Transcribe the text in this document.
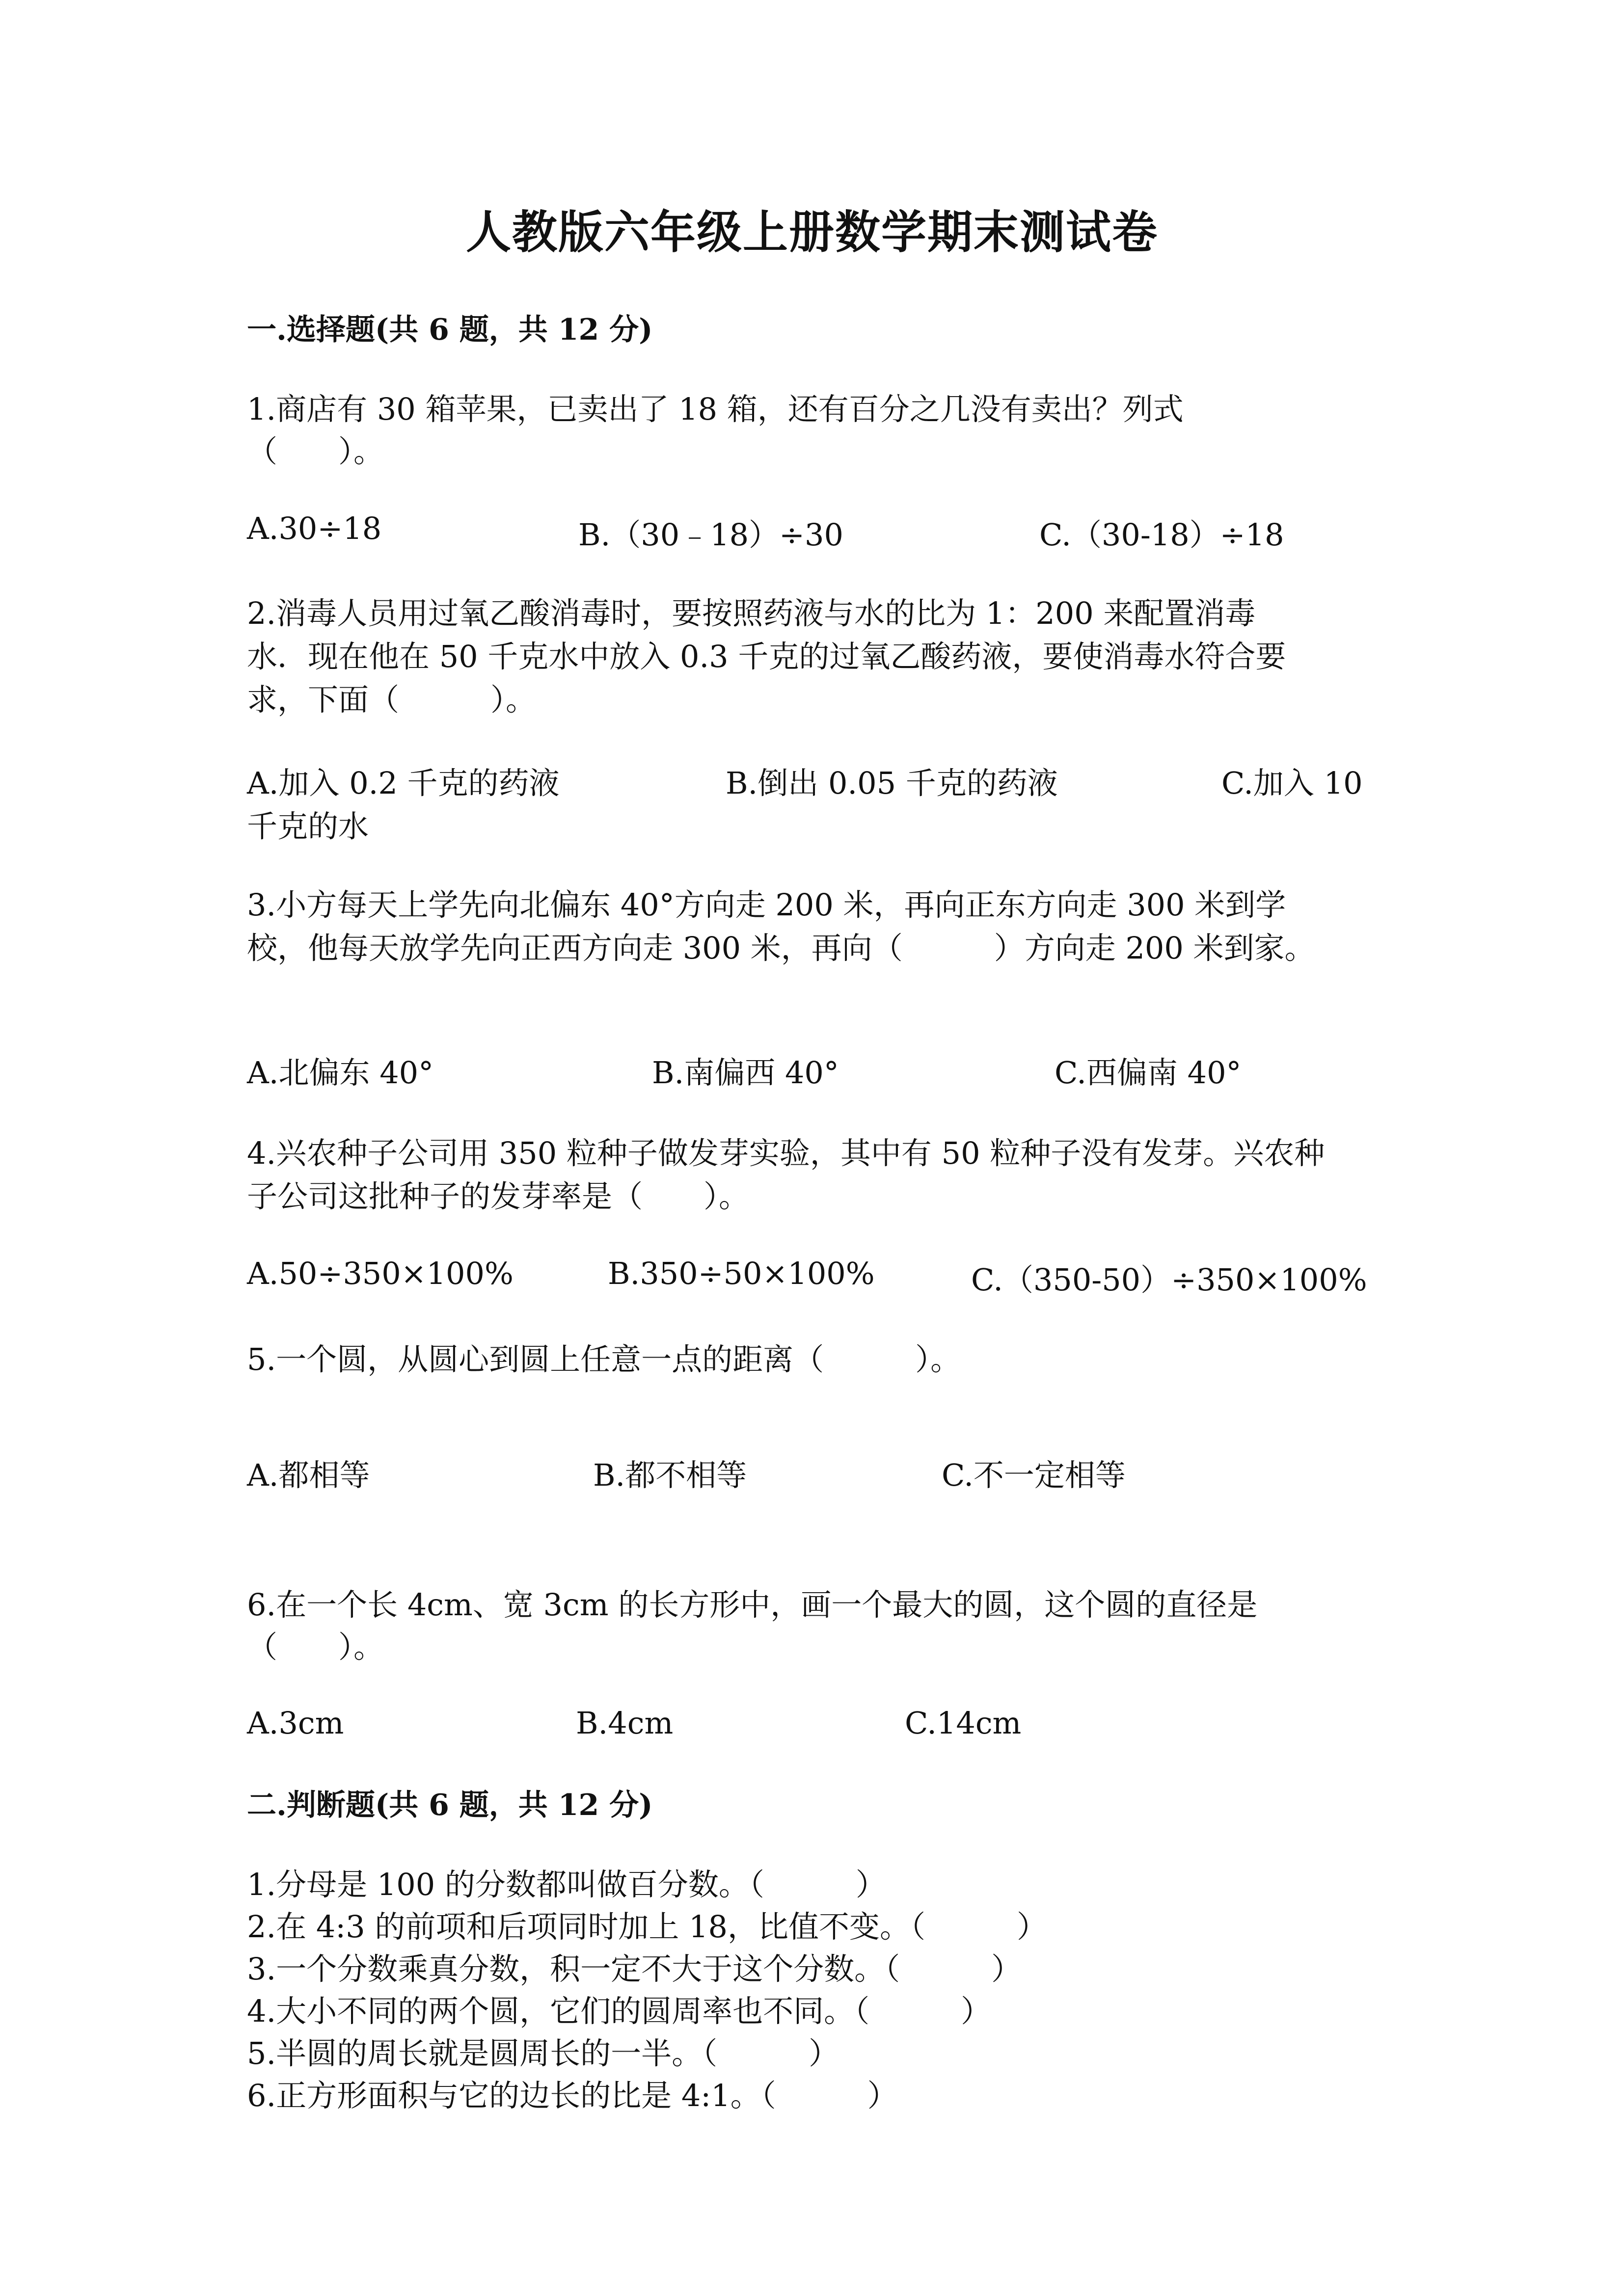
人教版六年级上册数学期末测试卷
一.选择题(共 6 题，共 12 分)
1.商店有 30 箱苹果，已卖出了 18 箱，还有百分之几没有卖出？列式
（　　）。
A.30÷18	B.（30﹣18）÷30	C.（30-18）÷18
2.消毒人员用过氧乙酸消毒时，要按照药液与水的比为 1：200 来配置消毒
水．现在他在 50 千克水中放入 0.3 千克的过氧乙酸药液，要使消毒水符合要
求，下面（　　　）。
A.加入 0.2 千克的药液	B.倒出 0.05 千克的药液	C.加入 10
千克的水
3.小方每天上学先向北偏东 40°方向走 200 米，再向正东方向走 300 米到学
校，他每天放学先向正西方向走 300 米，再向（　　　）方向走 200 米到家。
A.北偏东 40°	B.南偏西 40°	C.西偏南 40°
4.兴农种子公司用 350 粒种子做发芽实验，其中有 50 粒种子没有发芽。兴农种
子公司这批种子的发芽率是（　　）。
A.50÷350×100%	B.350÷50×100%	C.（350-50）÷350×100%
5.一个圆，从圆心到圆上任意一点的距离（　　　）。
A.都相等	B.都不相等	C.不一定相等
6.在一个长 4cm、宽 3cm 的长方形中，画一个最大的圆，这个圆的直径是
（　　）。
A.3cm	B.4cm	C.14cm
二.判断题(共 6 题，共 12 分)
1.分母是 100 的分数都叫做百分数。（　　　）
2.在 4:3 的前项和后项同时加上 18，比值不变。（　　　）
3.一个分数乘真分数，积一定不大于这个分数。（　　　）
4.大小不同的两个圆，它们的圆周率也不同。（　　　）
5.半圆的周长就是圆周长的一半。（　　　）
6.正方形面积与它的边长的比是 4:1。（　　　）
